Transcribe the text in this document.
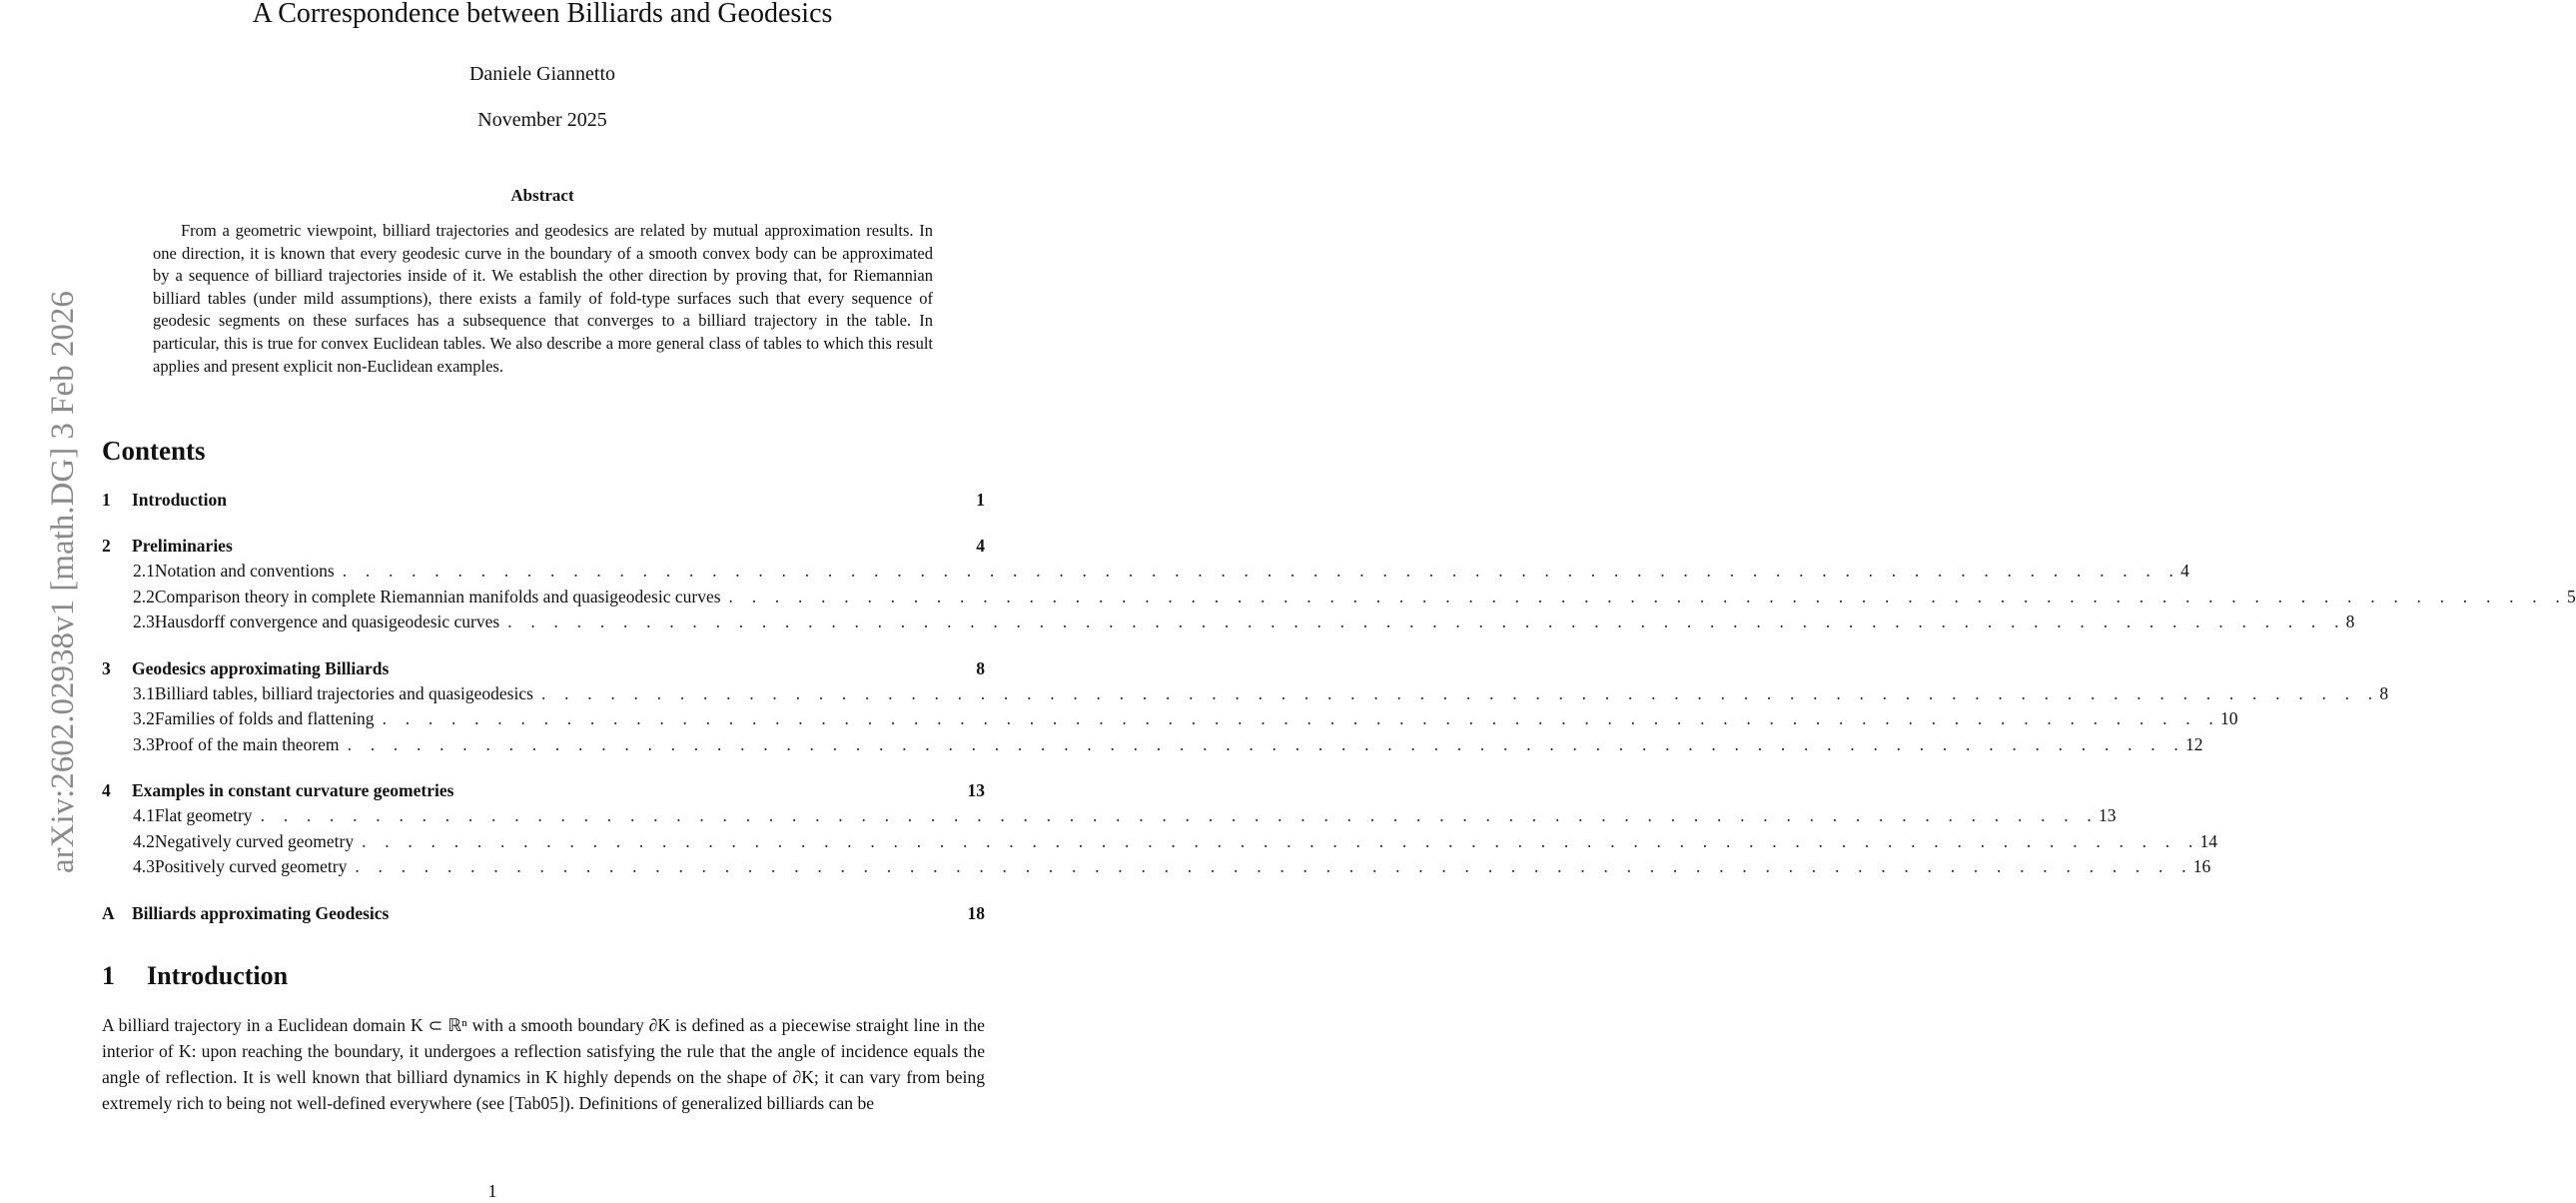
arXiv:2602.02938v1 [math.DG] 3 Feb 2026
A Correspondence between Billiards and Geodesics
Daniele Giannetto
November 2025
Abstract

From a geometric viewpoint, billiard trajectories and geodesics are related by mutual approximation results. In one direction, it is known that every geodesic curve in the boundary of a smooth convex body can be approximated by a sequence of billiard trajectories inside of it. We establish the other direction by proving that, for Riemannian billiard tables (under mild assumptions), there exists a family of fold-type surfaces such that every sequence of geodesic segments on these surfaces has a subsequence that converges to a billiard trajectory in the table. In particular, this is true for convex Euclidean tables. We also describe a more general class of tables to which this result applies and present explicit non-Euclidean examples.

Contents
1	Introduction	1
2	Preliminaries	4
2.1 Notation and conventions . . . . . . . . . . . . . . . . . . . . . . . . . . . . . . . . . . . . . . . . . . . . . . . . . . . . . . . . . . . . . . . . . . . . . . . . . . . . . . . . 4
2.2 Comparison theory in complete Riemannian manifolds and quasigeodesic curves . . . . . . . . . . . . . . . . . . . . . . . . . . . . . . . . . . . . . . . . . . . . . . . . . . . . . . . . . . . . . . . . . . . . . . . . . . . . . . . . 5
2.3 Hausdorff convergence and quasigeodesic curves . . . . . . . . . . . . . . . . . . . . . . . . . . . . . . . . . . . . . . . . . . . . . . . . . . . . . . . . . . . . . . . . . . . . . . . . . . . . . . . . 8
3	Geodesics approximating Billiards	8
3.1 Billiard tables, billiard trajectories and quasigeodesics . . . . . . . . . . . . . . . . . . . . . . . . . . . . . . . . . . . . . . . . . . . . . . . . . . . . . . . . . . . . . . . . . . . . . . . . . . . . . . . . 8
3.2 Families of folds and flattening . . . . . . . . . . . . . . . . . . . . . . . . . . . . . . . . . . . . . . . . . . . . . . . . . . . . . . . . . . . . . . . . . . . . . . . . . . . . . . . . 10
3.3 Proof of the main theorem . . . . . . . . . . . . . . . . . . . . . . . . . . . . . . . . . . . . . . . . . . . . . . . . . . . . . . . . . . . . . . . . . . . . . . . . . . . . . . . . 12
4	Examples in constant curvature geometries	13
4.1 Flat geometry . . . . . . . . . . . . . . . . . . . . . . . . . . . . . . . . . . . . . . . . . . . . . . . . . . . . . . . . . . . . . . . . . . . . . . . . . . . . . . . . 13
4.2 Negatively curved geometry . . . . . . . . . . . . . . . . . . . . . . . . . . . . . . . . . . . . . . . . . . . . . . . . . . . . . . . . . . . . . . . . . . . . . . . . . . . . . . . . 14
4.3 Positively curved geometry . . . . . . . . . . . . . . . . . . . . . . . . . . . . . . . . . . . . . . . . . . . . . . . . . . . . . . . . . . . . . . . . . . . . . . . . . . . . . . . . 16
A Billiards approximating Geodesics	18
1 Introduction

A billiard trajectory in a Euclidean domain K ⊂ ℝⁿ with a smooth boundary ∂K is defined as a piecewise straight line in the interior of K: upon reaching the boundary, it undergoes a reflection satisfying the rule that the angle of incidence equals the angle of reflection. It is well known that billiard dynamics in K highly depends on the shape of ∂K; it can vary from being extremely rich to being not well-defined everywhere (see [Tab05]). Definitions of generalized billiards can be

1
